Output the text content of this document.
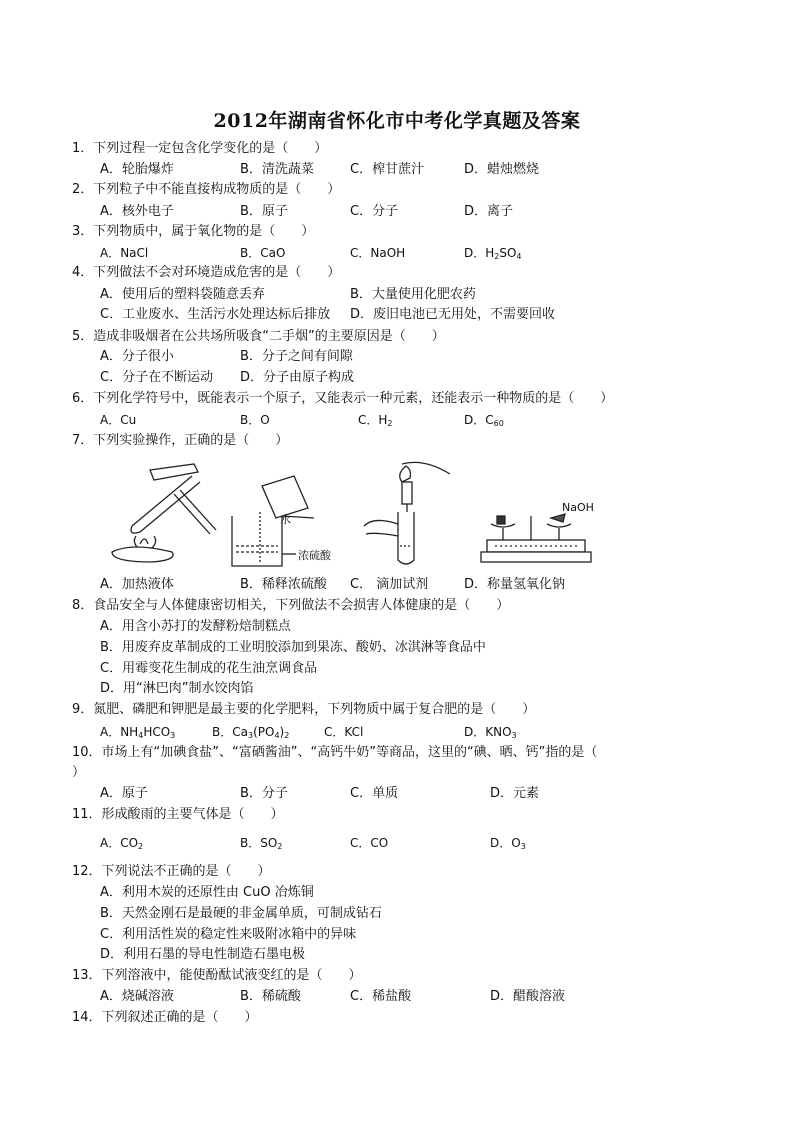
2012年湖南省怀化市中考化学真题及答案
1．下列过程一定包含化学变化的是（　　）
A．轮胎爆炸	B．清洗蔬菜	C．榨甘蔗汁	D．蜡烛燃烧
2．下列粒子中不能直接构成物质的是（　　）
A．核外电子	B．原子	C．分子	D．离子
3．下列物质中，属于氧化物的是（　　）
A．NaCl	B．CaO	C．NaOH	D．$H_2SO_4$
4．下列做法不会对环境造成危害的是（　　）
A．使用后的塑料袋随意丢弃	B．大量使用化肥农药
C．工业废水、生活污水处理达标后排放 D．废旧电池已无用处，不需要回收
5．造成非吸烟者在公共场所吸食“二手烟”的主要原因是（　　）
A．分子很小	B．分子之间有间隙
C．分子在不断运动 D．分子由原子构成
6．下列化学符号中，既能表示一个原子，又能表示一种元素，还能表示一种物质的是（　　）
A．Cu	B．O	C．$H_2$	D．$C_{60}$
7．下列实验操作，正确的是（　　）
水
浓硫酸
NaOH
A．加热液体	B．稀释浓硫酸 C． 滴加试剂	D．称量氢氧化钠
8．食品安全与人体健康密切相关，下列做法不会损害人体健康的是（　　）
A．用含小苏打的发酵粉焙制糕点
B．用废弃皮革制成的工业明胶添加到果冻、酸奶、冰淇淋等食品中
C．用霉变花生制成的花生油烹调食品
D．用“淋巴肉”制水饺肉馅
9．氮肥、磷肥和钾肥是最主要的化学肥料，下列物质中属于复合肥的是（　　）
A．$NH_4HCO_3$	B．$Ca_3(PO_4)_2$	C．KCl	D．$KNO_3$
10．市场上有“加碘食盐”、“富硒酱油”、“高钙牛奶”等商品，这里的“碘、晒、钙”指的是（
）
A．原子	B．分子	C．单质	D．元素
11．形成酸雨的主要气体是（　　）
A．$CO_2$	B．$SO_2$	C．CO	D．$O_3$
12．下列说法不正确的是（　　）
A．利用木炭的还原性由 CuO 冶炼铜
B．天然金刚石是最硬的非金属单质，可制成钻石
C．利用活性炭的稳定性来吸附冰箱中的异味
D．利用石墨的导电性制造石墨电极
13．下列溶液中，能使酚酞试液变红的是（　　）
A．烧碱溶液	B．稀硫酸	C．稀盐酸	D．醋酸溶液
14．下列叙述正确的是（　　）
